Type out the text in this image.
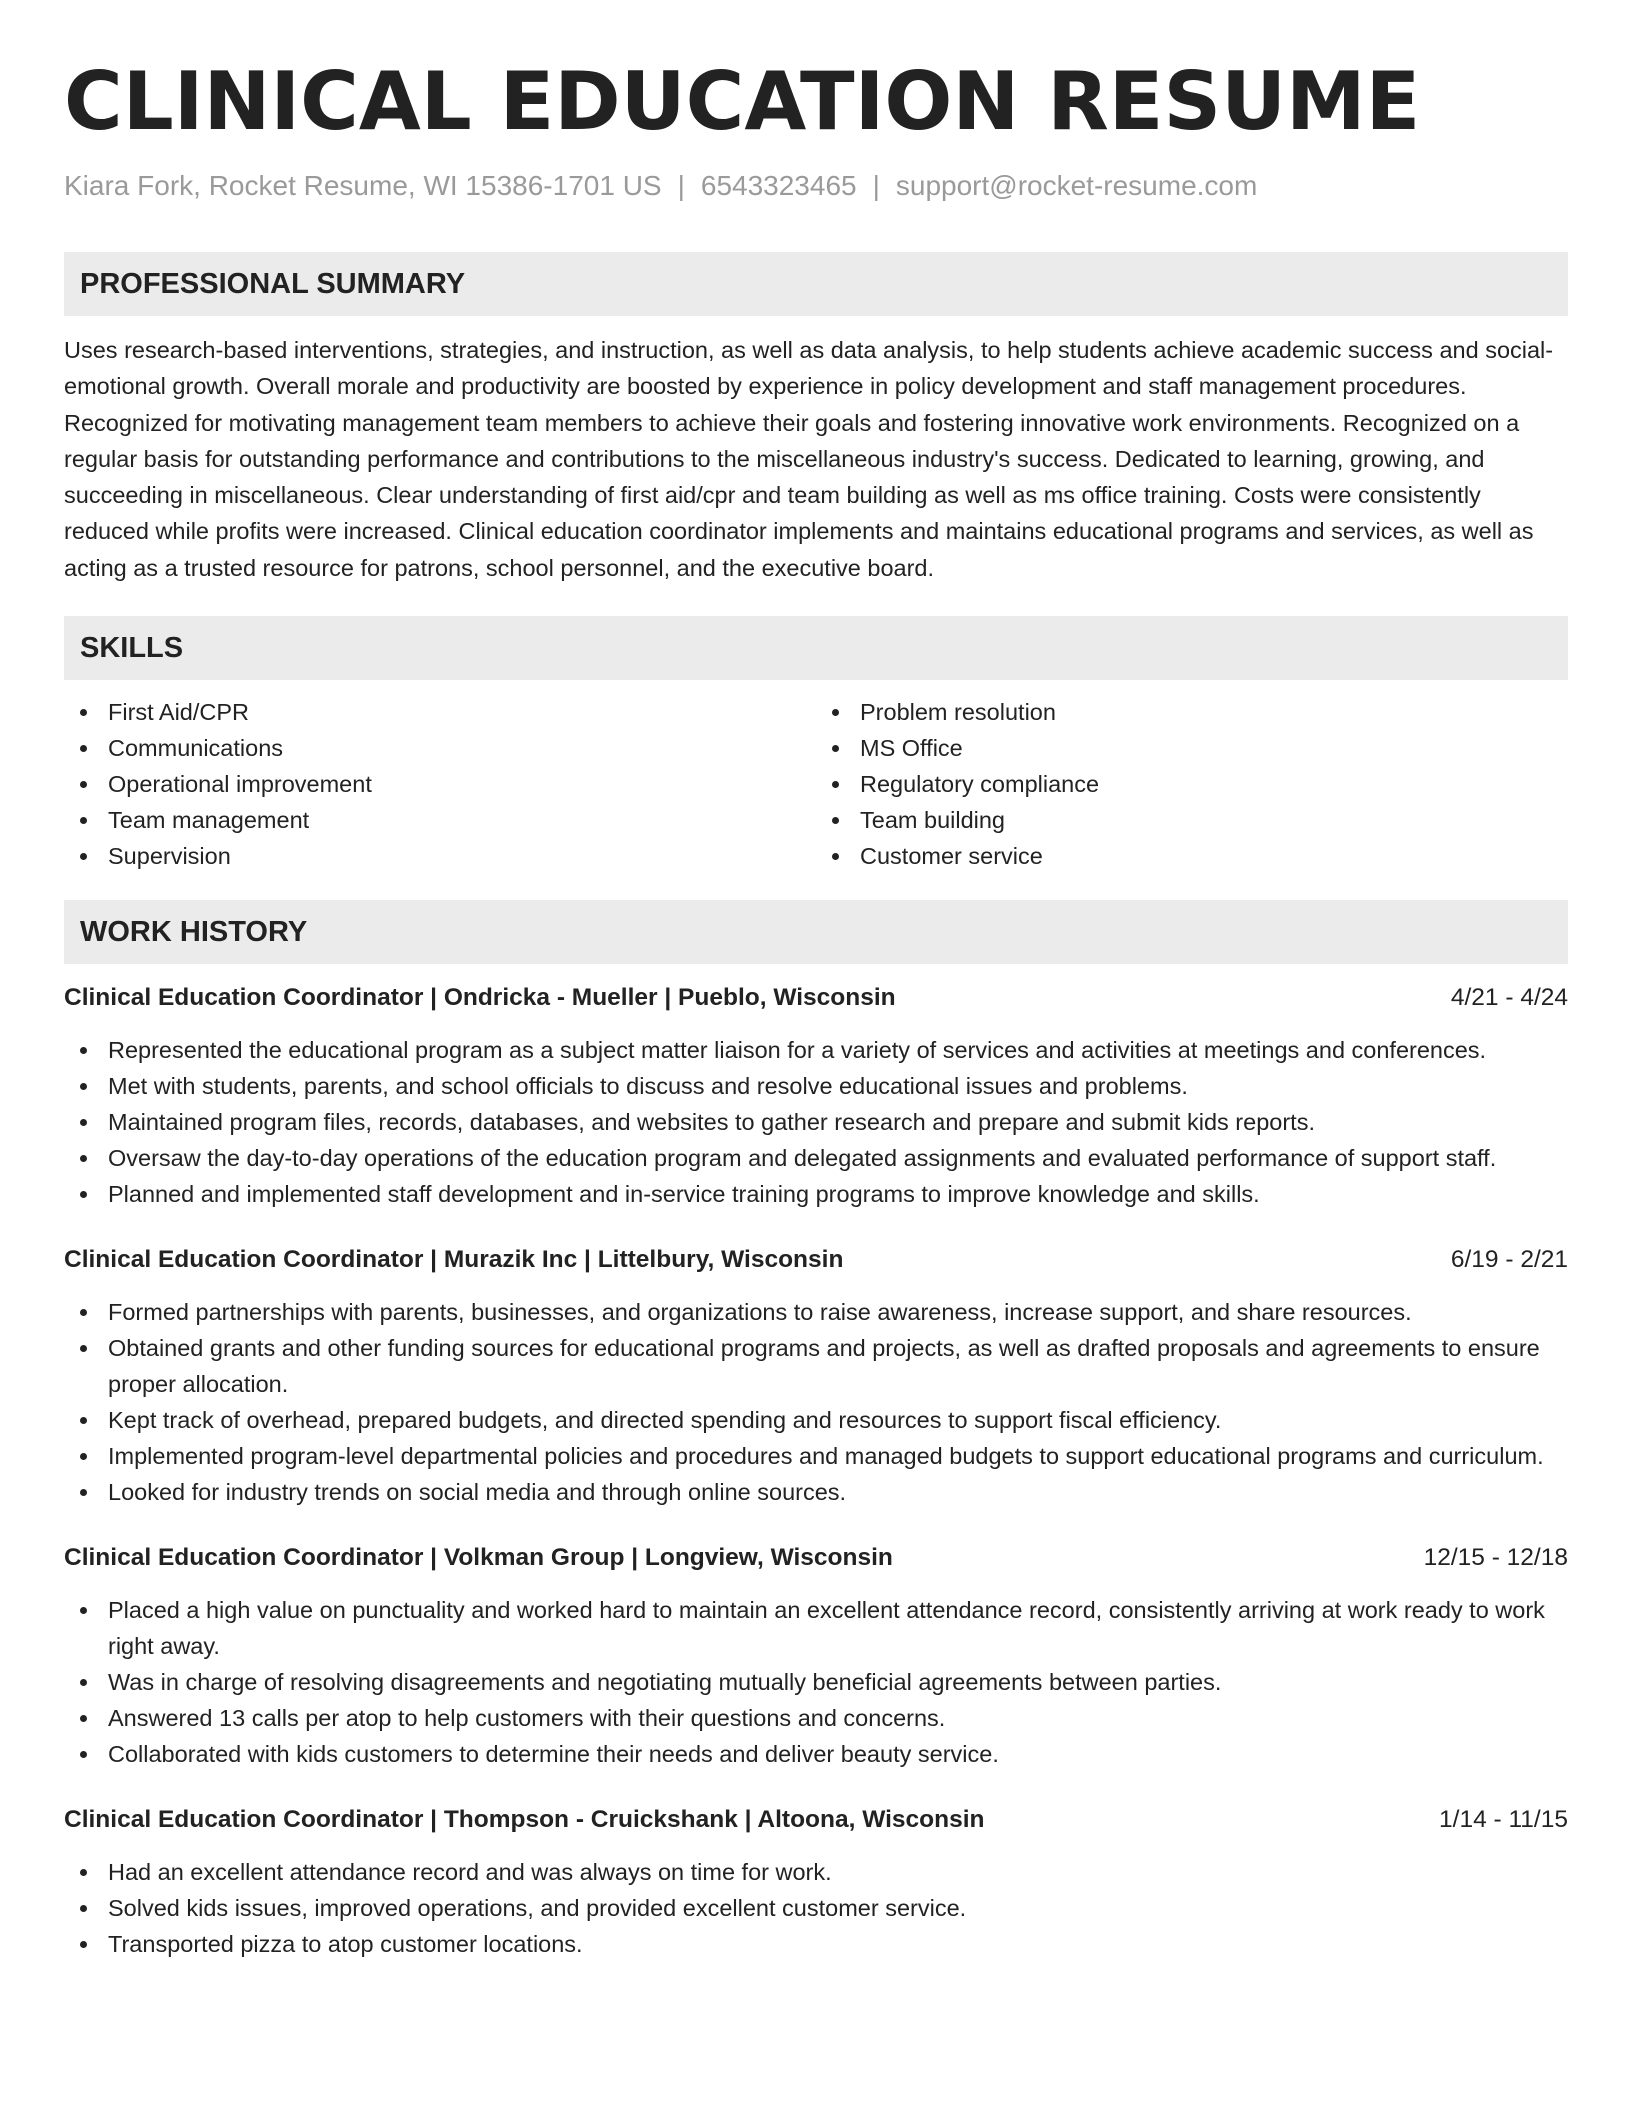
CLINICAL EDUCATION RESUME
Kiara Fork, Rocket Resume, WI 15386-1701 US | 6543323465 | support@rocket-resume.com
PROFESSIONAL SUMMARY

Uses research-based interventions, strategies, and instruction, as well as data analysis, to help students achieve academic success and social-emotional growth. Overall morale and productivity are boosted by experience in policy development and staff management procedures. Recognized for motivating management team members to achieve their goals and fostering innovative work environments. Recognized on a regular basis for outstanding performance and contributions to the miscellaneous industry's success. Dedicated to learning, growing, and succeeding in miscellaneous. Clear understanding of first aid/cpr and team building as well as ms office training. Costs were consistently reduced while profits were increased. Clinical education coordinator implements and maintains educational programs and services, as well as acting as a trusted resource for patrons, school personnel, and the executive board.

SKILLS
First Aid/CPR
Communications
Operational improvement
Team management
Supervision
Problem resolution
MS Office
Regulatory compliance
Team building
Customer service
WORK HISTORY
Clinical Education Coordinator | Ondricka - Mueller | Pueblo, Wisconsin	4/21 - 4/24
Represented the educational program as a subject matter liaison for a variety of services and activities at meetings and conferences.
Met with students, parents, and school officials to discuss and resolve educational issues and problems.
Maintained program files, records, databases, and websites to gather research and prepare and submit kids reports.
Oversaw the day-to-day operations of the education program and delegated assignments and evaluated performance of support staff.
Planned and implemented staff development and in-service training programs to improve knowledge and skills.
Clinical Education Coordinator | Murazik Inc | Littelbury, Wisconsin	6/19 - 2/21
Formed partnerships with parents, businesses, and organizations to raise awareness, increase support, and share resources.
Obtained grants and other funding sources for educational programs and projects, as well as drafted proposals and agreements to ensure proper allocation.
Kept track of overhead, prepared budgets, and directed spending and resources to support fiscal efficiency.
Implemented program-level departmental policies and procedures and managed budgets to support educational programs and curriculum.
Looked for industry trends on social media and through online sources.
Clinical Education Coordinator | Volkman Group | Longview, Wisconsin	12/15 - 12/18
Placed a high value on punctuality and worked hard to maintain an excellent attendance record, consistently arriving at work ready to work right away.
Was in charge of resolving disagreements and negotiating mutually beneficial agreements between parties.
Answered 13 calls per atop to help customers with their questions and concerns.
Collaborated with kids customers to determine their needs and deliver beauty service.
Clinical Education Coordinator | Thompson - Cruickshank | Altoona, Wisconsin	1/14 - 11/15
Had an excellent attendance record and was always on time for work.
Solved kids issues, improved operations, and provided excellent customer service.
Transported pizza to atop customer locations.
